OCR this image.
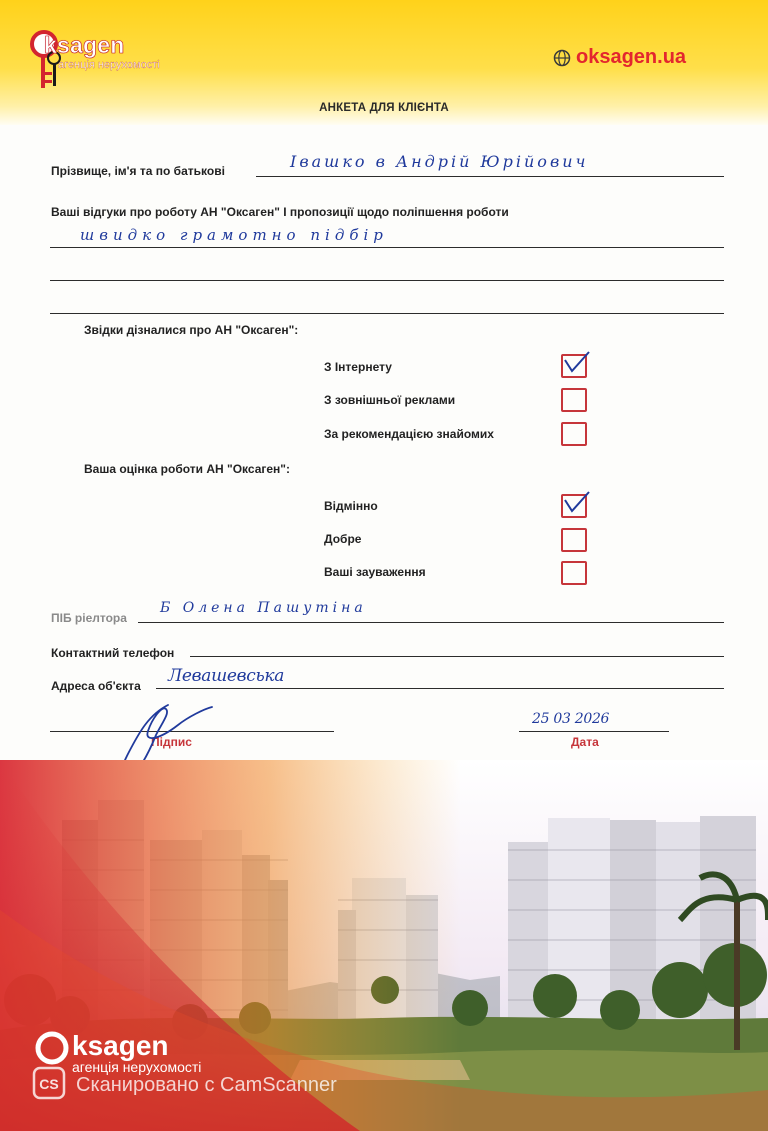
ksagen
агенція нерухомості	oksagen.ua
АНКЕТА ДЛЯ КЛІЄНТА
Прізвище, ім'я та по батькові	Івашко в Андрій Юрійович
Ваші відгуки про роботу АН "Оксаген" І пропозиції щодо поліпшення роботи
швидко грамотно підбір
Звідки дізналися про АН "Оксаген":
З Інтернету
З зовнішньої реклами
За рекомендацією знайомих
Ваша оцінка роботи АН "Оксаген":
Відмінно
Добре
Ваші зауваження
ПІБ ріелтора
Б Олена Пашутіна
Контактний телефон
Адреса об'єкта Левашевська
Підпис
25 03 2026
Дата
ksagen
агенція нерухомості
CS Сканировано с CamScanner
